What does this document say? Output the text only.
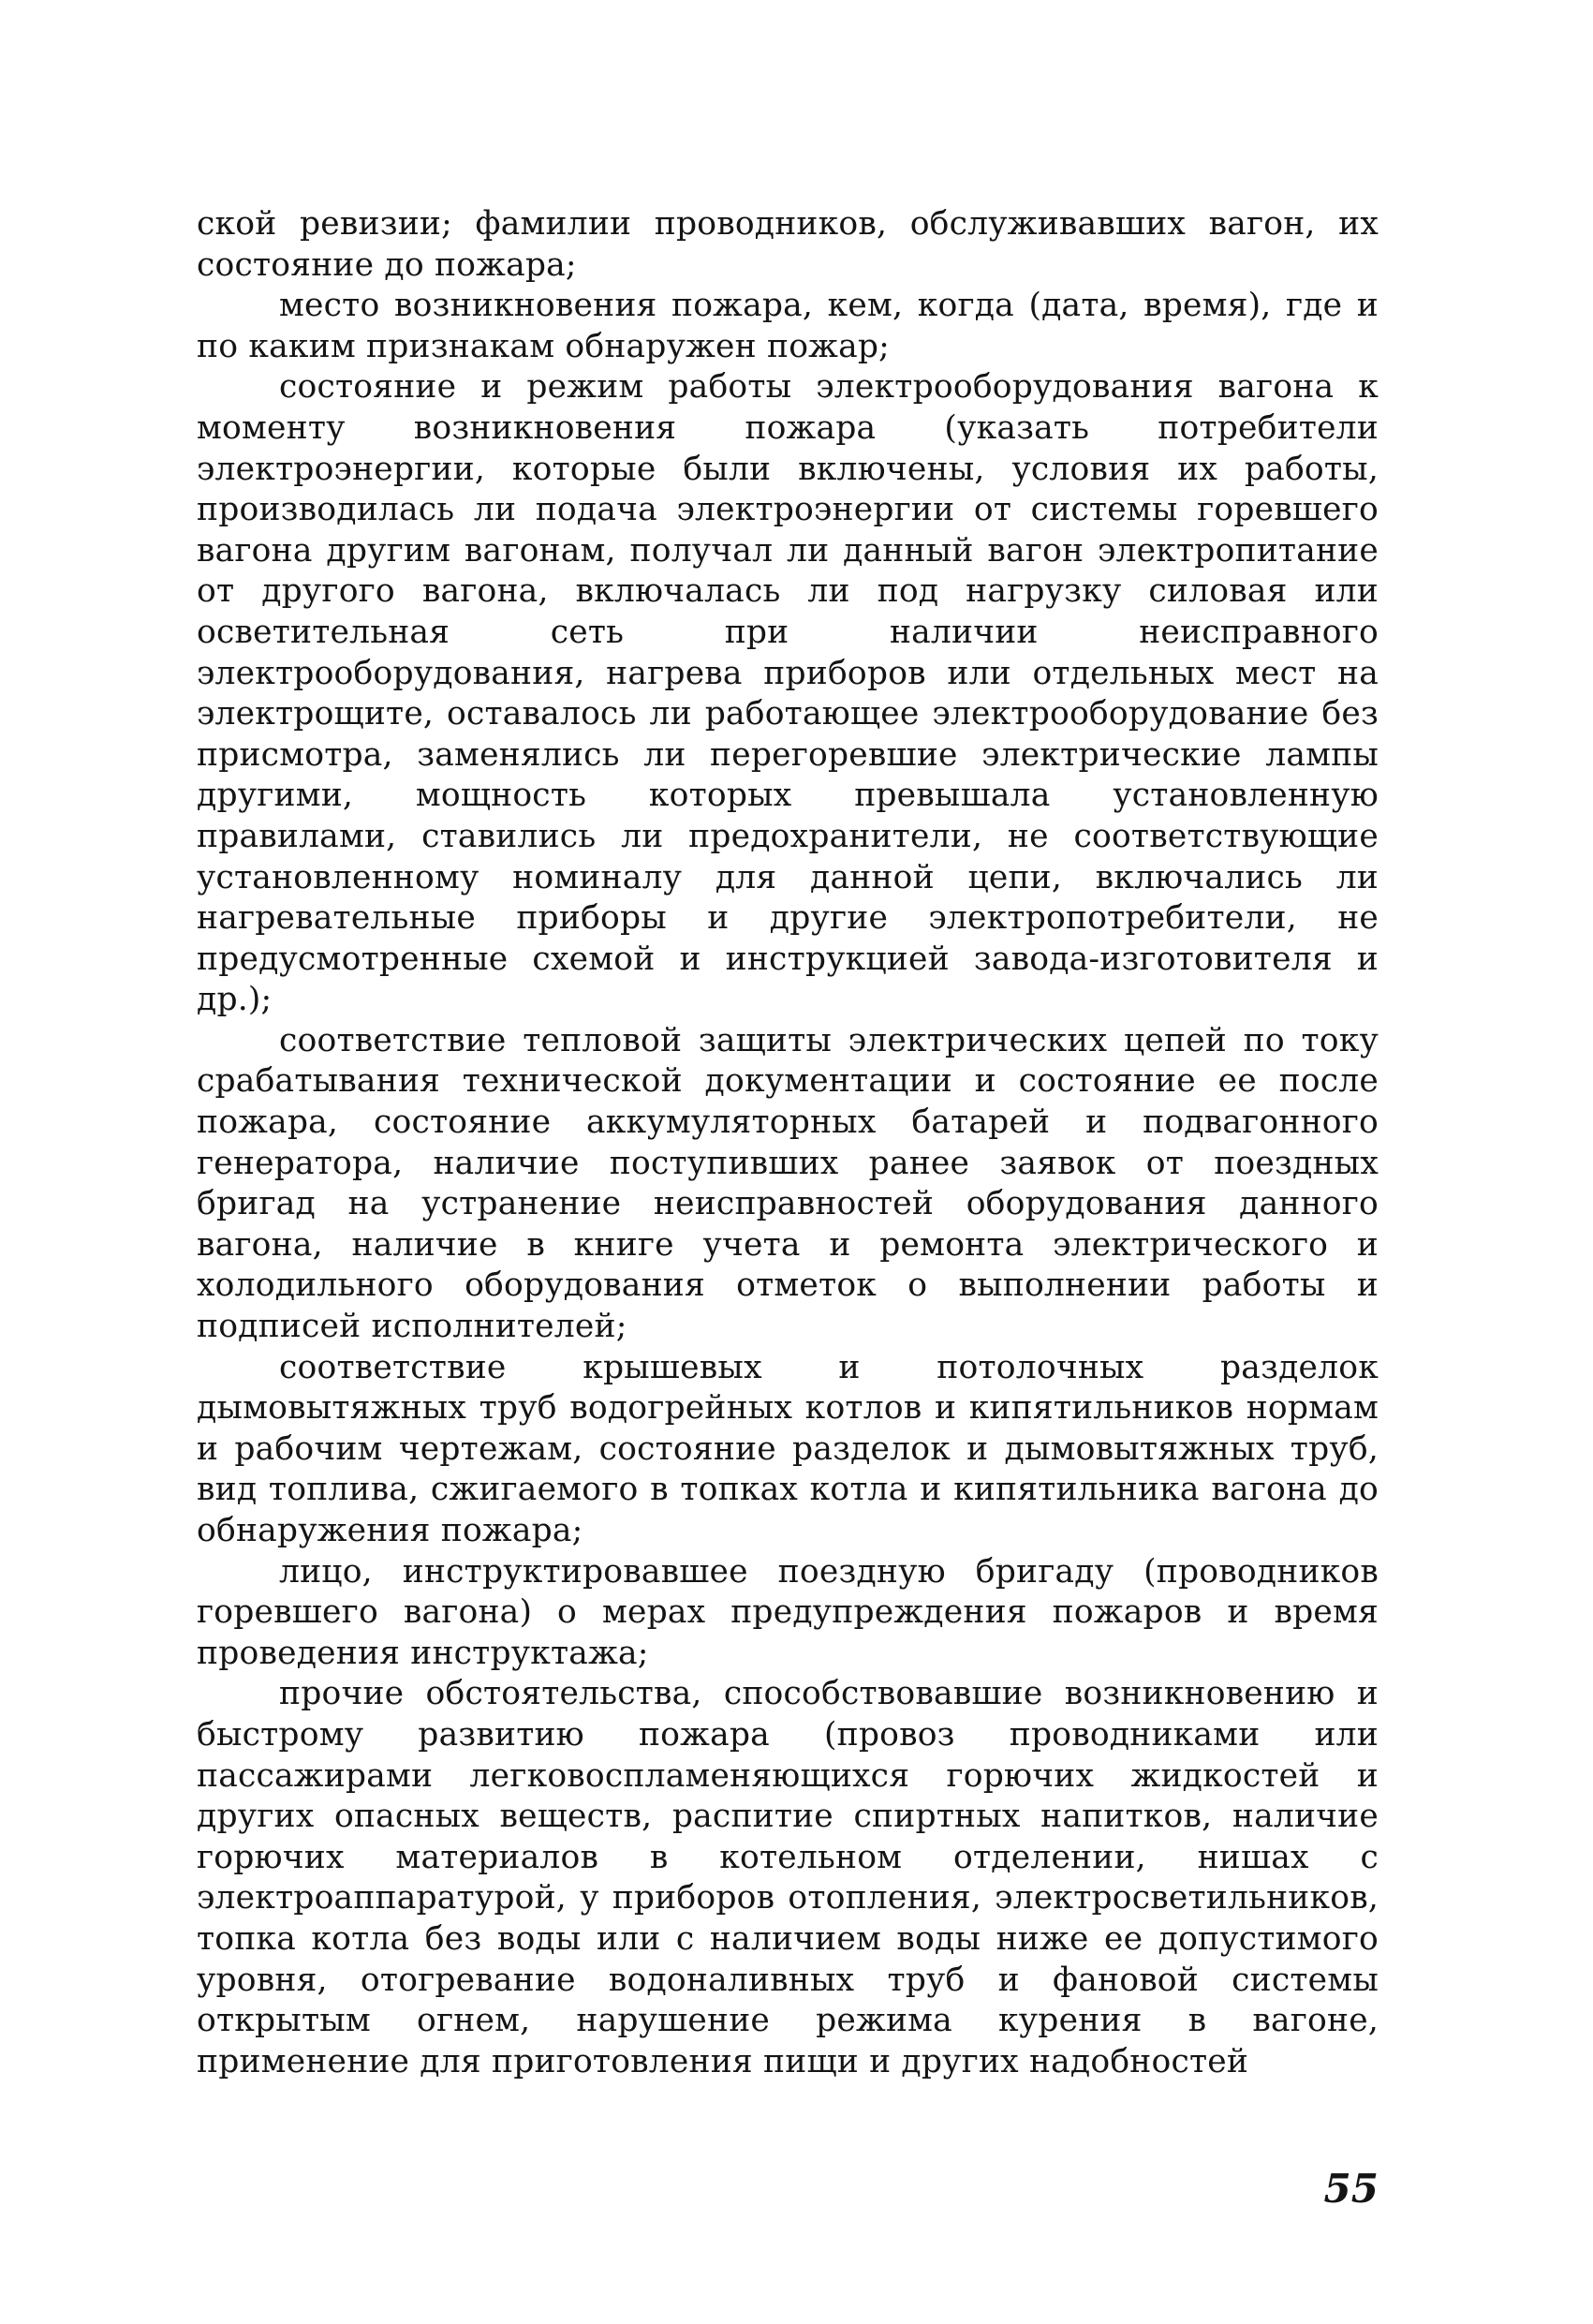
ской ревизии; фамилии проводников, обслуживавших вагон, их состояние до пожара;

место возникновения пожара, кем, когда (дата, время), где и по каким признакам обнаружен пожар;

состояние и режим работы электрооборудования вагона к моменту возникновения пожара (указать потребители электроэнергии, которые были включены, условия их работы, производилась ли подача электроэнергии от системы горевшего вагона другим вагонам, получал ли данный вагон электропитание от другого вагона, включалась ли под нагрузку силовая или осветительная сеть при наличии неисправного электрооборудования, нагрева приборов или отдельных мест на электрощите, оставалось ли работающее электрооборудование без присмотра, заменялись ли перегоревшие электрические лампы другими, мощность которых превышала установленную правилами, ставились ли предохранители, не соответствующие установленному номиналу для данной цепи, включались ли нагревательные приборы и другие электропотребители, не предусмотренные схемой и инструкцией завода-изготовителя и др.);

соответствие тепловой защиты электрических цепей по току срабатывания технической документации и состояние ее после пожара, состояние аккумуляторных батарей и подвагонного генератора, наличие поступивших ранее заявок от поездных бригад на устранение неисправностей оборудования данного вагона, наличие в книге учета и ремонта электрического и холодильного оборудования отметок о выполнении работы и подписей исполнителей;

соответствие крышевых и потолочных разделок дымовытяжных труб водогрейных котлов и кипятильников нормам и рабочим чертежам, состояние разделок и дымовытяжных труб, вид топлива, сжигаемого в топках котла и кипятильника вагона до обнаружения пожара;

лицо, инструктировавшее поездную бригаду (проводников горевшего вагона) о мерах предупреждения пожаров и время проведения инструктажа;

прочие обстоятельства, способствовавшие возникновению и быстрому развитию пожара (провоз проводниками или пассажирами легковоспламеняющихся горючих жидкостей и других опасных веществ, распитие спиртных напитков, наличие горючих материалов в котельном отделении, нишах с электроаппаратурой, у приборов отопления, электросветильников, топка котла без воды или с наличием воды ниже ее допустимого уровня, отогревание водоналивных труб и фановой системы открытым огнем, нарушение режима курения в вагоне, применение для приготовления пищи и других надобностей

55
